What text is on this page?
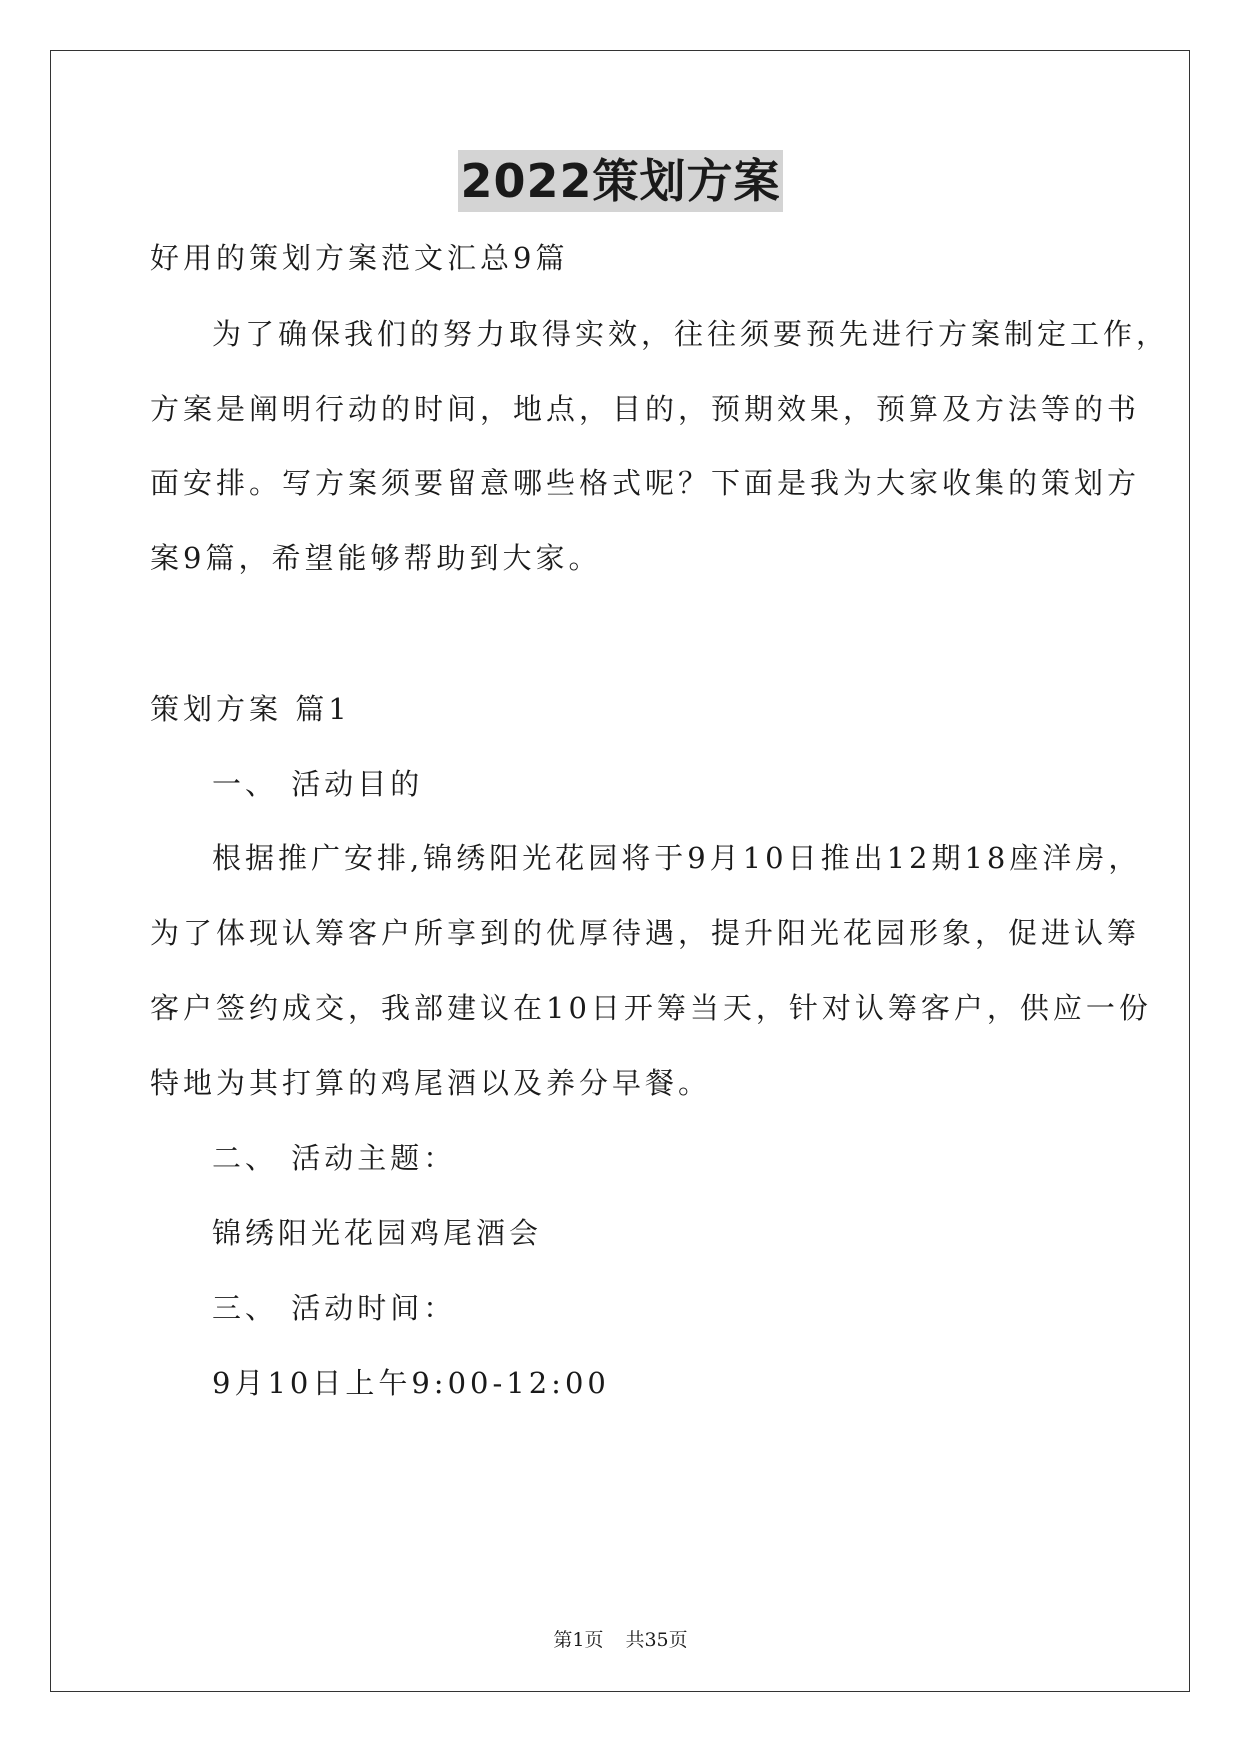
2022策划方案
好用的策划方案范文汇总9篇
为了确保我们的努力取得实效，往往须要预先进行方案制定工作，
方案是阐明行动的时间，地点，目的，预期效果，预算及方法等的书
面安排。写方案须要留意哪些格式呢？下面是我为大家收集的策划方
案9篇，希望能够帮助到大家。
策划方案 篇1
一、 活动目的
根据推广安排,锦绣阳光花园将于9月10日推出12期18座洋房，
为了体现认筹客户所享到的优厚待遇，提升阳光花园形象，促进认筹
客户签约成交，我部建议在10日开筹当天，针对认筹客户，供应一份
特地为其打算的鸡尾酒以及养分早餐。
二、 活动主题：
锦绣阳光花园鸡尾酒会
三、 活动时间：
9月10日上午9:00-12:00
第1页 共35页
